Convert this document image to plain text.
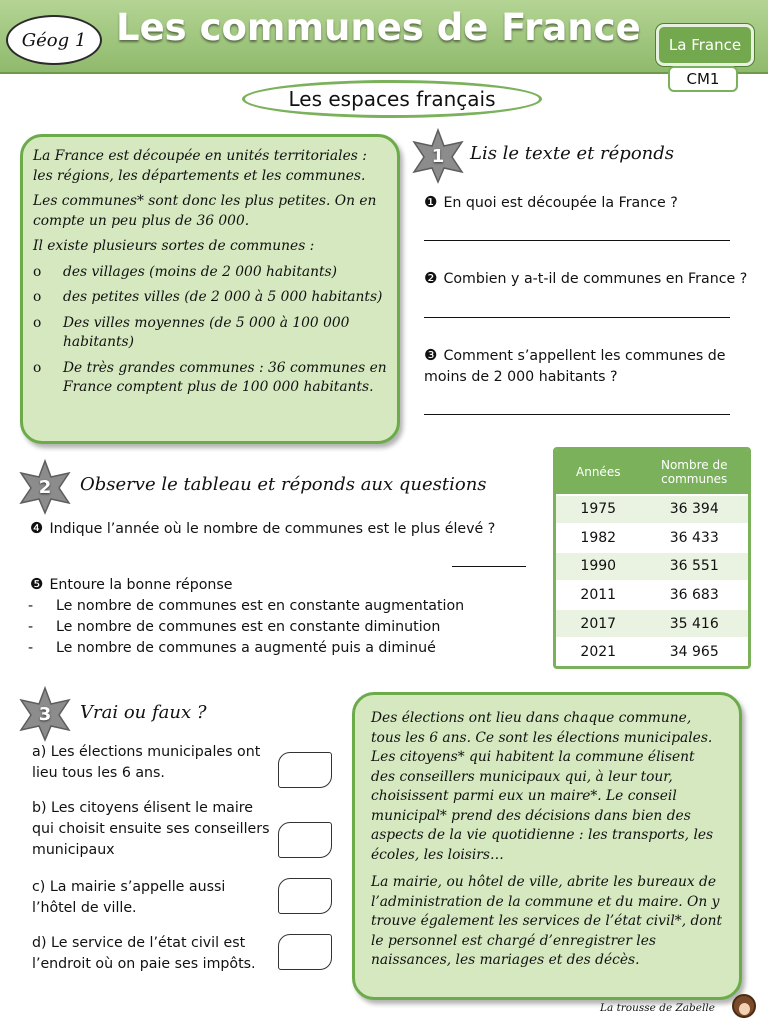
Géog 1 Les communes de France	La France
CM1
Les espaces français

La France est découpée en unités territoriales : les régions, les départements et les communes.

Les communes* sont donc les plus petites. On en compte un peu plus de 36 000.

Il existe plusieurs sortes de communes :

o des villages (moins de 2 000 habitants)
o des petites villes (de 2 000 à 5 000 habitants)
o Des villes moyennes (de 5 000 à 100 000 habitants)
o De très grandes communes : 36 communes en France comptent plus de 100 000 habitants.
1	Lis le texte et réponds
❶ En quoi est découpée la France ?
❷ Combien y a-t-il de communes en France ?
❸ Comment s’appellent les communes de moins de 2 000 habitants ?
2	Observe le tableau et réponds aux questions
❹ Indique l’année où le nombre de communes est le plus élevé ?
❺ Entoure la bonne réponse
- Le nombre de communes est en constante augmentation
- Le nombre de communes est en constante diminution
- Le nombre de communes a augmenté puis a diminué
Années	Nombre de communes
1975	36 394
1982	36 433
1990	36 551
2011	36 683
2017	35 416
2021	34 965
3	Vrai ou faux ?
a) Les élections municipales ont lieu tous les 6 ans.
b) Les citoyens élisent le maire qui choisit ensuite ses conseillers municipaux
c) La mairie s’appelle aussi l’hôtel de ville.
d) Le service de l’état civil est l’endroit où on paie ses impôts.

Des élections ont lieu dans chaque commune, tous les 6 ans. Ce sont les élections municipales. Les citoyens* qui habitent la commune élisent des conseillers municipaux qui, à leur tour, choisissent parmi eux un maire*. Le conseil municipal* prend des décisions dans bien des aspects de la vie quotidienne : les transports, les écoles, les loisirs…

La mairie, ou hôtel de ville, abrite les bureaux de l’administration de la commune et du maire. On y trouve également les services de l’état civil*, dont le personnel est chargé d’enregistrer les naissances, les mariages et des décès.

La trousse de Zabelle
